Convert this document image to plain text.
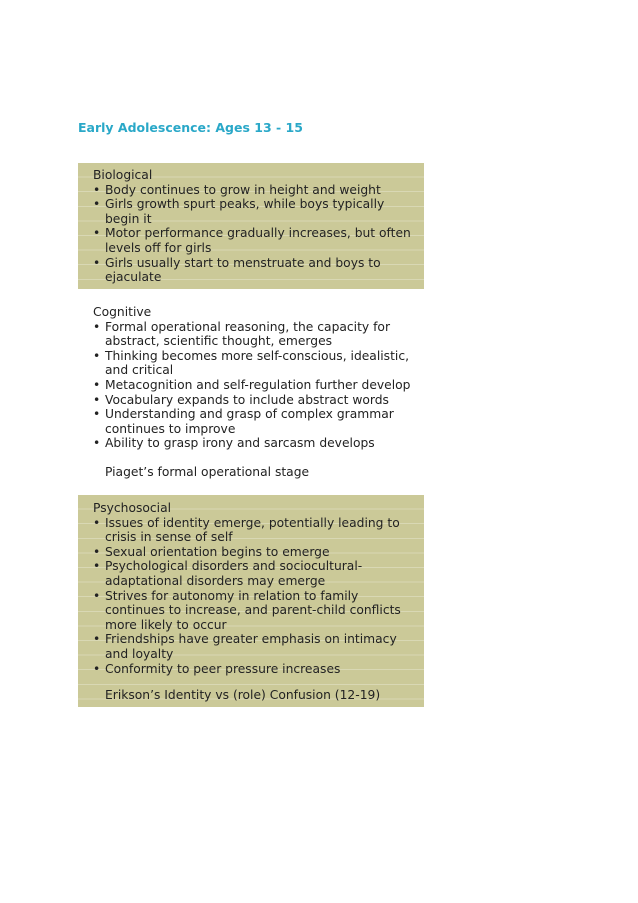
Early Adolescence: Ages 13 - 15
Biological
• Body continues to grow in height and weight
• Girls growth spurt peaks, while boys typically begin it
• Motor performance gradually increases, but often levels off for girls
• Girls usually start to menstruate and boys to ejaculate
Cognitive
• Formal operational reasoning, the capacity for abstract, scientific thought, emerges
• Thinking becomes more self-conscious, idealistic, and critical
• Metacognition and self-regulation further develop
• Vocabulary expands to include abstract words
• Understanding and grasp of complex grammar continues to improve
• Ability to grasp irony and sarcasm develops
Piaget’s formal operational stage
Psychosocial
• Issues of identity emerge, potentially leading to crisis in sense of self
• Sexual orientation begins to emerge
• Psychological disorders and sociocultural-adaptational disorders may emerge
• Strives for autonomy in relation to family continues to increase, and parent-child conflicts more likely to occur
• Friendships have greater emphasis on intimacy and loyalty
• Conformity to peer pressure increases
Erikson’s Identity vs (role) Confusion (12-19)
